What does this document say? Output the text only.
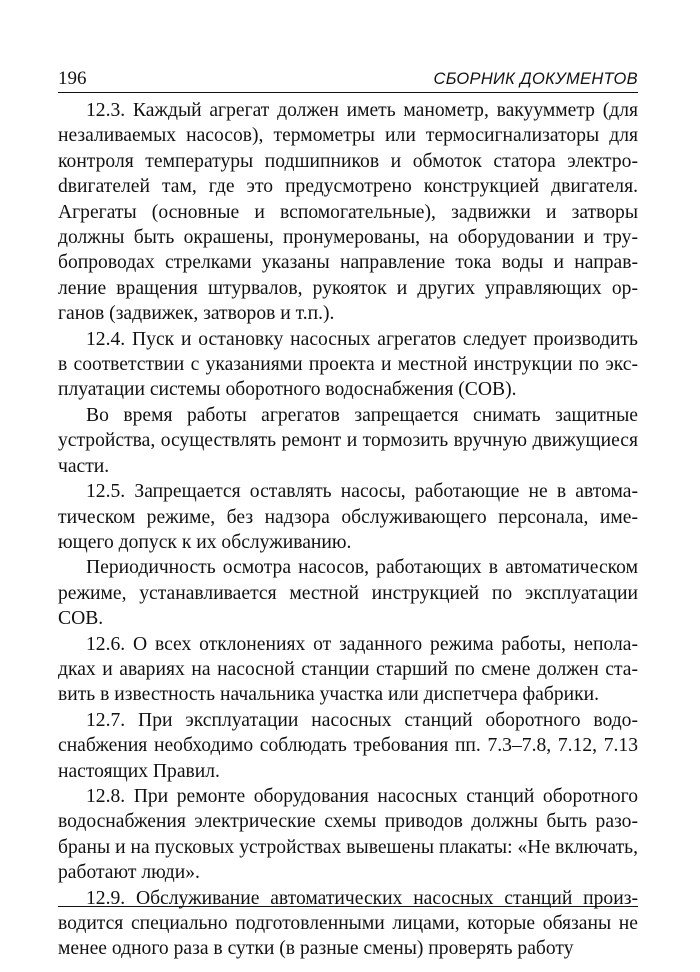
196	СБОРНИК ДОКУМЕНТОВ

12.3. Каждый агрегат должен иметь манометр, вакуумметр (для незаливаемых насосов), термометры или термосигнализаторы для контроля температуры подшипников и обмоток статора электроdвигателей там, где это предусмотрено конструкцией двигателя. Агрегаты (основные и вспомогательные), задвижки и затворы должны быть окрашены, пронумерованы, на оборудовании и трубопроводах стрелками указаны направление тока воды и направление вращения штурвалов, рукояток и других управляющих органов (задвижек, затворов и т.п.).

12.4. Пуск и остановку насосных агрегатов следует производить в соответствии с указаниями проекта и местной инструкции по эксплуатации системы оборотного водоснабжения (СОВ).

Во время работы агрегатов запрещается снимать защитные устройства, осуществлять ремонт и тормозить вручную движущиеся части.

12.5. Запрещается оставлять насосы, работающие не в автоматическом режиме, без надзора обслуживающего персонала, имеющего допуск к их обслуживанию.

Периодичность осмотра насосов, работающих в автоматическом режиме, устанавливается местной инструкцией по эксплуатации СОВ.

12.6. О всех отклонениях от заданного режима работы, неполадках и авариях на насосной станции старший по смене должен ставить в известность начальника участка или диспетчера фабрики.

12.7. При эксплуатации насосных станций оборотного водоснабжения необходимо соблюдать требования пп. 7.3–7.8, 7.12, 7.13 настоящих Правил.

12.8. При ремонте оборудования насосных станций оборотного водоснабжения электрические схемы приводов должны быть разобраны и на пусковых устройствах вывешены плакаты: «Не включать, работают люди».

12.9. Обслуживание автоматических насосных станций производится специально подготовленными лицами, которые обязаны не менее одного раза в сутки (в разные смены) проверять работу
